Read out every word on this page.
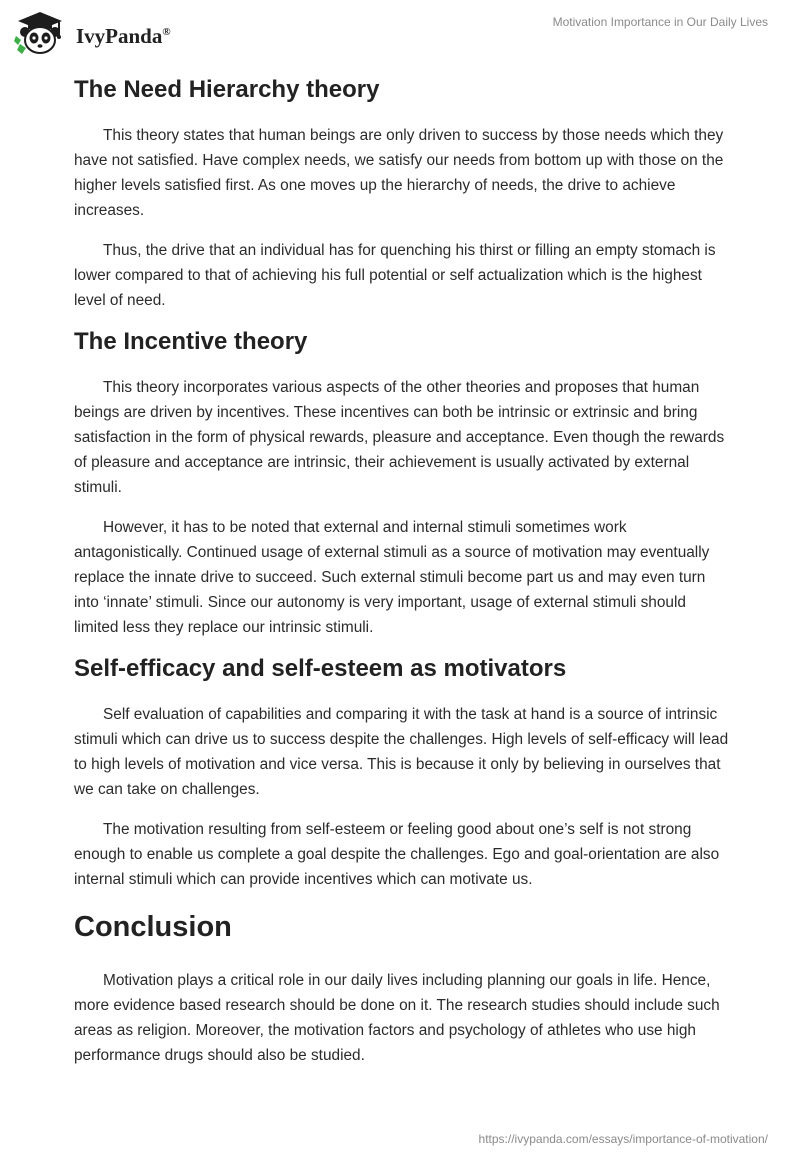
IvyPanda®
Motivation Importance in Our Daily Lives
The Need Hierarchy theory

This theory states that human beings are only driven to success by those needs which they have not satisfied. Have complex needs, we satisfy our needs from bottom up with those on the higher levels satisfied first. As one moves up the hierarchy of needs, the drive to achieve increases.

Thus, the drive that an individual has for quenching his thirst or filling an empty stomach is lower compared to that of achieving his full potential or self actualization which is the highest level of need.

The Incentive theory

This theory incorporates various aspects of the other theories and proposes that human beings are driven by incentives. These incentives can both be intrinsic or extrinsic and bring satisfaction in the form of physical rewards, pleasure and acceptance. Even though the rewards of pleasure and acceptance are intrinsic, their achievement is usually activated by external stimuli.

However, it has to be noted that external and internal stimuli sometimes work antagonistically. Continued usage of external stimuli as a source of motivation may eventually replace the innate drive to succeed. Such external stimuli become part us and may even turn into ‘innate’ stimuli. Since our autonomy is very important, usage of external stimuli should limited less they replace our intrinsic stimuli.

Self-efficacy and self-esteem as motivators

Self evaluation of capabilities and comparing it with the task at hand is a source of intrinsic stimuli which can drive us to success despite the challenges. High levels of self-efficacy will lead to high levels of motivation and vice versa. This is because it only by believing in ourselves that we can take on challenges.

The motivation resulting from self-esteem or feeling good about one’s self is not strong enough to enable us complete a goal despite the challenges. Ego and goal-orientation are also internal stimuli which can provide incentives which can motivate us.

Conclusion

Motivation plays a critical role in our daily lives including planning our goals in life. Hence, more evidence based research should be done on it. The research studies should include such areas as religion. Moreover, the motivation factors and psychology of athletes who use high performance drugs should also be studied.

https://ivypanda.com/essays/importance-of-motivation/
